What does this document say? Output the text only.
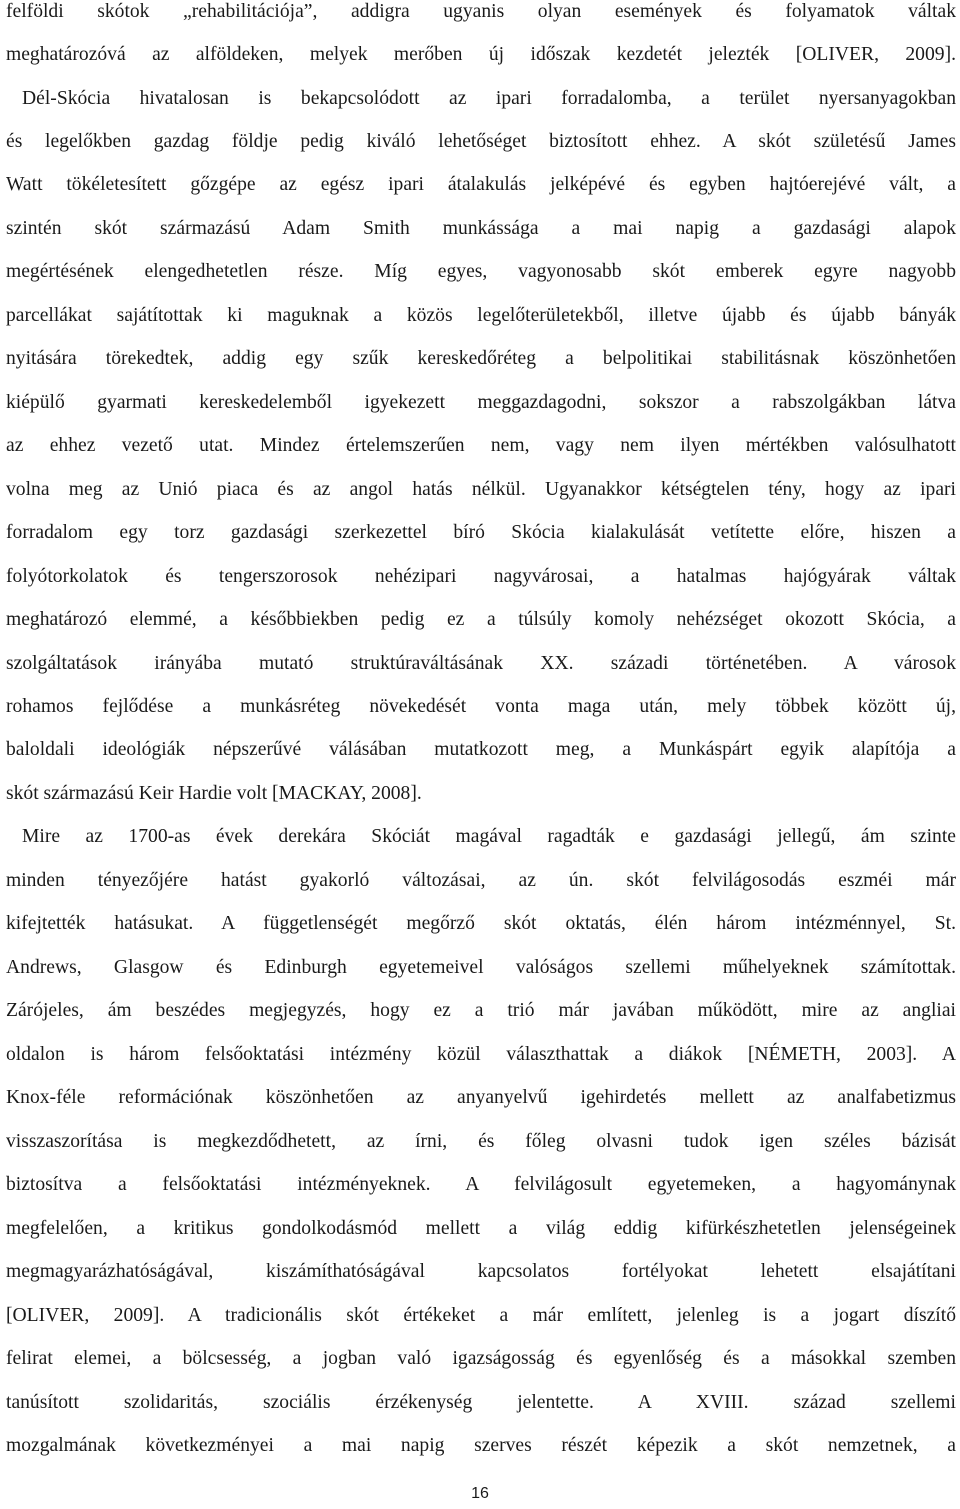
felföldi skótok „rehabilitációja”, addigra ugyanis olyan események és folyamatok váltak
meghatározóvá az alföldeken, melyek merőben új időszak kezdetét jelezték [OLIVER, 2009].
Dél-Skócia hivatalosan is bekapcsolódott az ipari forradalomba, a terület nyersanyagokban
és legelőkben gazdag földje pedig kiváló lehetőséget biztosított ehhez. A skót születésű James
Watt tökéletesített gőzgépe az egész ipari átalakulás jelképévé és egyben hajtóerejévé vált, a
szintén skót származású Adam Smith munkássága a mai napig a gazdasági alapok
megértésének elengedhetetlen része. Míg egyes, vagyonosabb skót emberek egyre nagyobb
parcellákat sajátítottak ki maguknak a közös legelőterületekből, illetve újabb és újabb bányák
nyitására törekedtek, addig egy szűk kereskedőréteg a belpolitikai stabilitásnak köszönhetően
kiépülő gyarmati kereskedelemből igyekezett meggazdagodni, sokszor a rabszolgákban látva
az ehhez vezető utat. Mindez értelemszerűen nem, vagy nem ilyen mértékben valósulhatott
volna meg az Unió piaca és az angol hatás nélkül. Ugyanakkor kétségtelen tény, hogy az ipari
forradalom egy torz gazdasági szerkezettel bíró Skócia kialakulását vetítette előre, hiszen a
folyótorkolatok és tengerszorosok nehézipari nagyvárosai, a hatalmas hajógyárak váltak
meghatározó elemmé, a későbbiekben pedig ez a túlsúly komoly nehézséget okozott Skócia, a
szolgáltatások irányába mutató struktúraváltásának XX. századi történetében. A városok
rohamos fejlődése a munkásréteg növekedését vonta maga után, mely többek között új,
baloldali ideológiák népszerűvé válásában mutatkozott meg, a Munkáspárt egyik alapítója a
skót származású Keir Hardie volt [MACKAY, 2008].
Mire az 1700-as évek derekára Skóciát magával ragadták e gazdasági jellegű, ám szinte
minden tényezőjére hatást gyakorló változásai, az ún. skót felvilágosodás eszméi már
kifejtették hatásukat. A függetlenségét megőrző skót oktatás, élén három intézménnyel, St.
Andrews, Glasgow és Edinburgh egyetemeivel valóságos szellemi műhelyeknek számítottak.
Zárójeles, ám beszédes megjegyzés, hogy ez a trió már javában működött, mire az angliai
oldalon is három felsőoktatási intézmény közül választhattak a diákok [NÉMETH, 2003]. A
Knox-féle reformációnak köszönhetően az anyanyelvű igehirdetés mellett az analfabetizmus
visszaszorítása is megkezdődhetett, az írni, és főleg olvasni tudok igen széles bázisát
biztosítva a felsőoktatási intézményeknek. A felvilágosult egyetemeken, a hagyománynak
megfelelően, a kritikus gondolkodásmód mellett a világ eddig kifürkészhetetlen jelenségeinek
megmagyarázhatóságával, kiszámíthatóságával kapcsolatos fortélyokat lehetett elsajátítani
[OLIVER, 2009]. A tradicionális skót értékeket a már említett, jelenleg is a jogart díszítő
felirat elemei, a bölcsesség, a jogban való igazságosság és egyenlőség és a másokkal szemben
tanúsított szolidaritás, szociális érzékenység jelentette. A XVIII. század szellemi
mozgalmának következményei a mai napig szerves részét képezik a skót nemzetnek, a
16
